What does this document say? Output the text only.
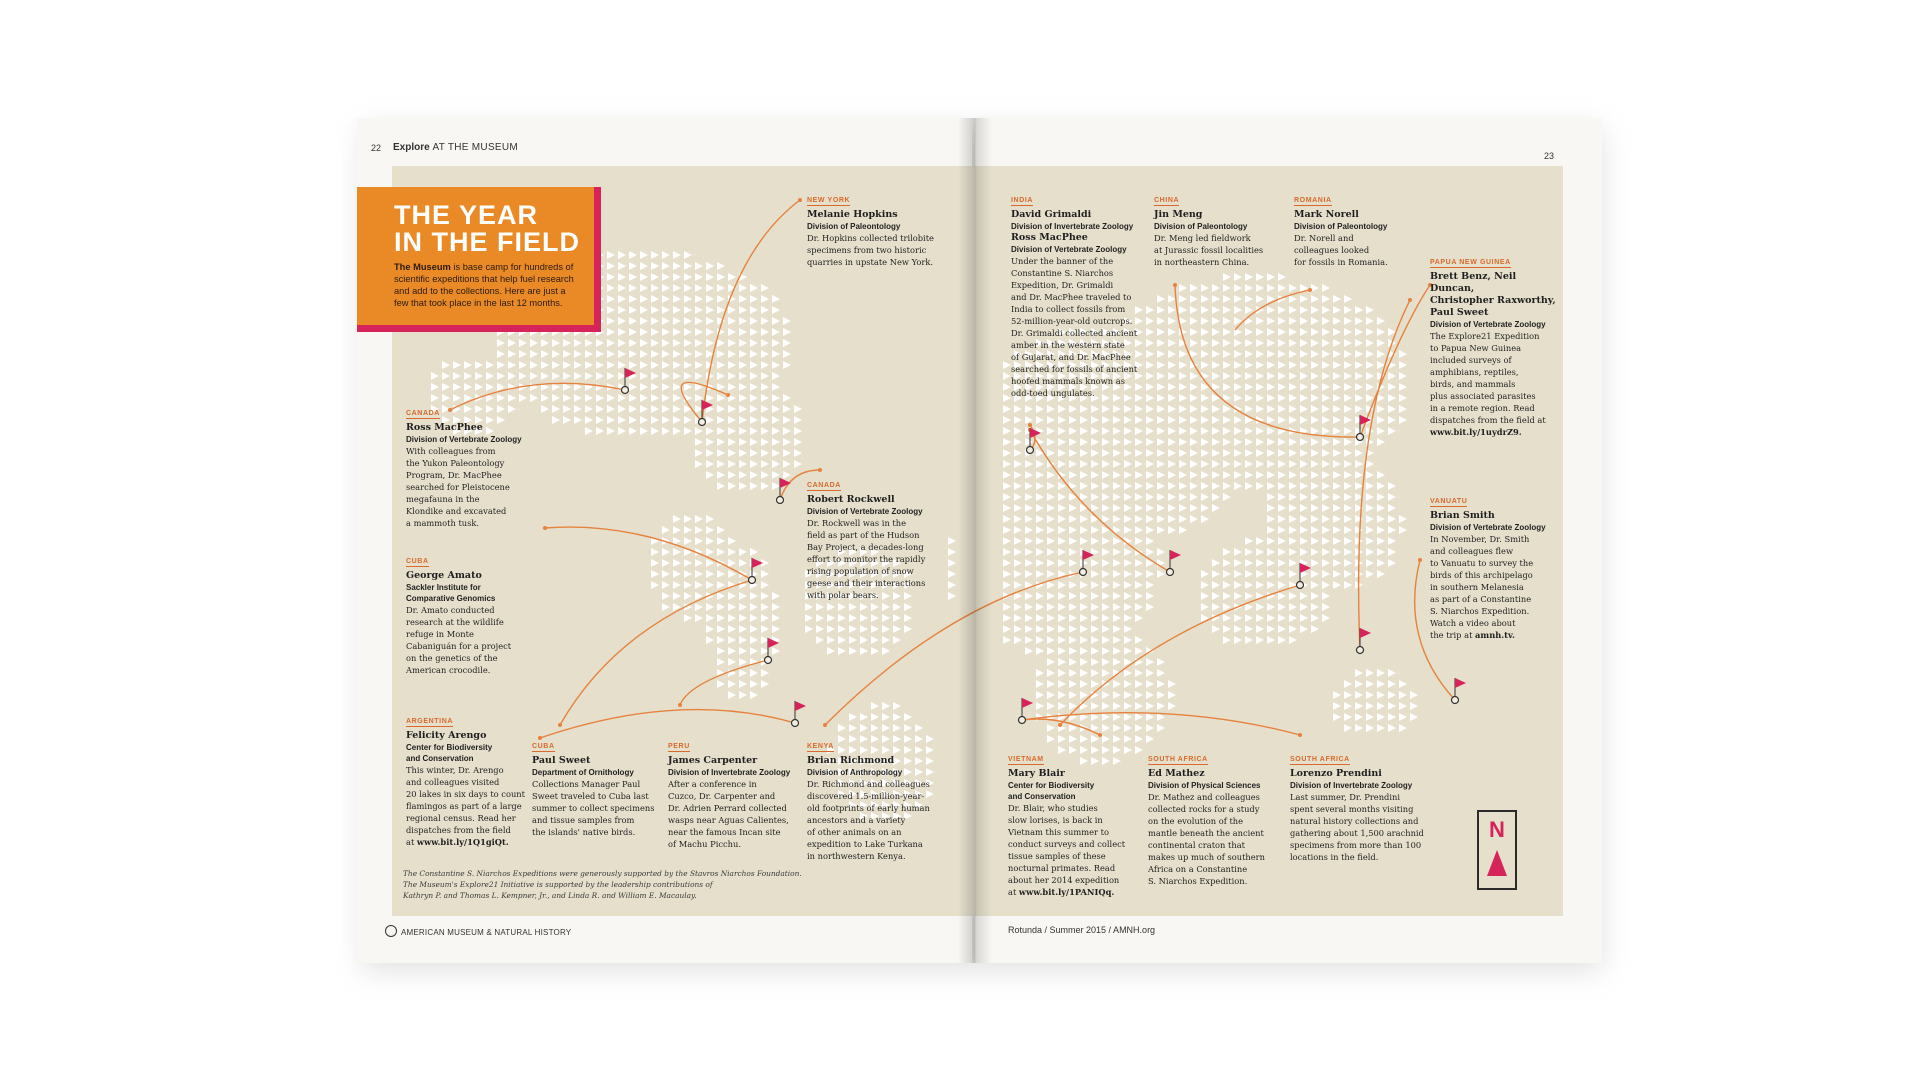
22
23
Explore AT THE MUSEUM
THE YEAR
IN THE FIELD
The Museum is base camp for hundreds of scientific expeditions that help fuel research and add to the collections. Here are just a few that took place in the last 12 months.
NEW YORK
Melanie Hopkins
Division of Paleontology
Dr. Hopkins collected trilobite
specimens from two historic
quarries in upstate New York.
CANADA
Ross MacPhee
Division of Vertebrate Zoology
With colleagues from
the Yukon Paleontology
Program, Dr. MacPhee
searched for Pleistocene
megafauna in the
Klondike and excavated
a mammoth tusk.
CANADA
Robert Rockwell
Division of Vertebrate Zoology
Dr. Rockwell was in the
field as part of the Hudson
Bay Project, a decades-long
effort to monitor the rapidly
rising population of snow
geese and their interactions
with polar bears.
CUBA
George Amato
Sackler Institute for
Comparative Genomics
Dr. Amato conducted
research at the wildlife
refuge in Monte
Cabaniguán for a project
on the genetics of the
American crocodile.
ARGENTINA
Felicity Arengo
Center for Biodiversity
and Conservation
This winter, Dr. Arengo
and colleagues visited
20 lakes in six days to count
flamingos as part of a large
regional census. Read her
dispatches from the field
at www.bit.ly/1Q1giQt.
CUBA
Paul Sweet
Department of Ornithology
Collections Manager Paul
Sweet traveled to Cuba last
summer to collect specimens
and tissue samples from
the islands' native birds.
PERU
James Carpenter
Division of Invertebrate Zoology
After a conference in
Cuzco, Dr. Carpenter and
Dr. Adrien Perrard collected
wasps near Aguas Calientes,
near the famous Incan site
of Machu Picchu.
KENYA
Brian Richmond
Division of Anthropology
Dr. Richmond and colleagues
discovered 1.5-million-year-
old footprints of early human
ancestors and a variety
of other animals on an
expedition to Lake Turkana
in northwestern Kenya.
INDIA
David Grimaldi
Division of Invertebrate Zoology
Ross MacPhee
Division of Vertebrate Zoology
Under the banner of the
Constantine S. Niarchos
Expedition, Dr. Grimaldi
and Dr. MacPhee traveled to
India to collect fossils from
52-million-year-old outcrops.
Dr. Grimaldi collected ancient
amber in the western state
of Gujarat, and Dr. MacPhee
searched for fossils of ancient
hoofed mammals known as
odd-toed ungulates.
CHINA
Jin Meng
Division of Paleontology
Dr. Meng led fieldwork
at Jurassic fossil localities
in northeastern China.
ROMANIA
Mark Norell
Division of Paleontology
Dr. Norell and
colleagues looked
for fossils in Romania.	PAPUA NEW GUINEA
Brett Benz, Neil Duncan,
Christopher Raxworthy,
Paul Sweet
Division of Vertebrate Zoology
The Explore21 Expedition
to Papua New Guinea
included surveys of
amphibians, reptiles,
birds, and mammals
plus associated parasites
in a remote region. Read
dispatches from the field at
www.bit.ly/1uydrZ9.
VANUATU
Brian Smith
Division of Vertebrate Zoology
In November, Dr. Smith
and colleagues flew
to Vanuatu to survey the
birds of this archipelago
in southern Melanesia
as part of a Constantine
S. Niarchos Expedition.
Watch a video about
the trip at amnh.tv.
VIETNAM
Mary Blair
Center for Biodiversity
and Conservation
Dr. Blair, who studies
slow lorises, is back in
Vietnam this summer to
conduct surveys and collect
tissue samples of these
nocturnal primates. Read
about her 2014 expedition
at www.bit.ly/1PANIQq.
SOUTH AFRICA
Ed Mathez
Division of Physical Sciences
Dr. Mathez and colleagues
collected rocks for a study
on the evolution of the
mantle beneath the ancient
continental craton that
makes up much of southern
Africa on a Constantine
S. Niarchos Expedition.
SOUTH AFRICA
Lorenzo Prendini
Division of Invertebrate Zoology
Last summer, Dr. Prendini
spent several months visiting
natural history collections and
gathering about 1,500 arachnid
specimens from more than 100
locations in the field.
The Constantine S. Niarchos Expeditions were generously supported by the Stavros Niarchos Foundation.
The Museum's Explore21 Initiative is supported by the leadership contributions of
Kathryn P. and Thomas L. Kempner, Jr., and Linda R. and William E. Macaulay.
N
AMERICAN MUSEUM & NATURAL HISTORY	Rotunda / Summer 2015 / AMNH.org
